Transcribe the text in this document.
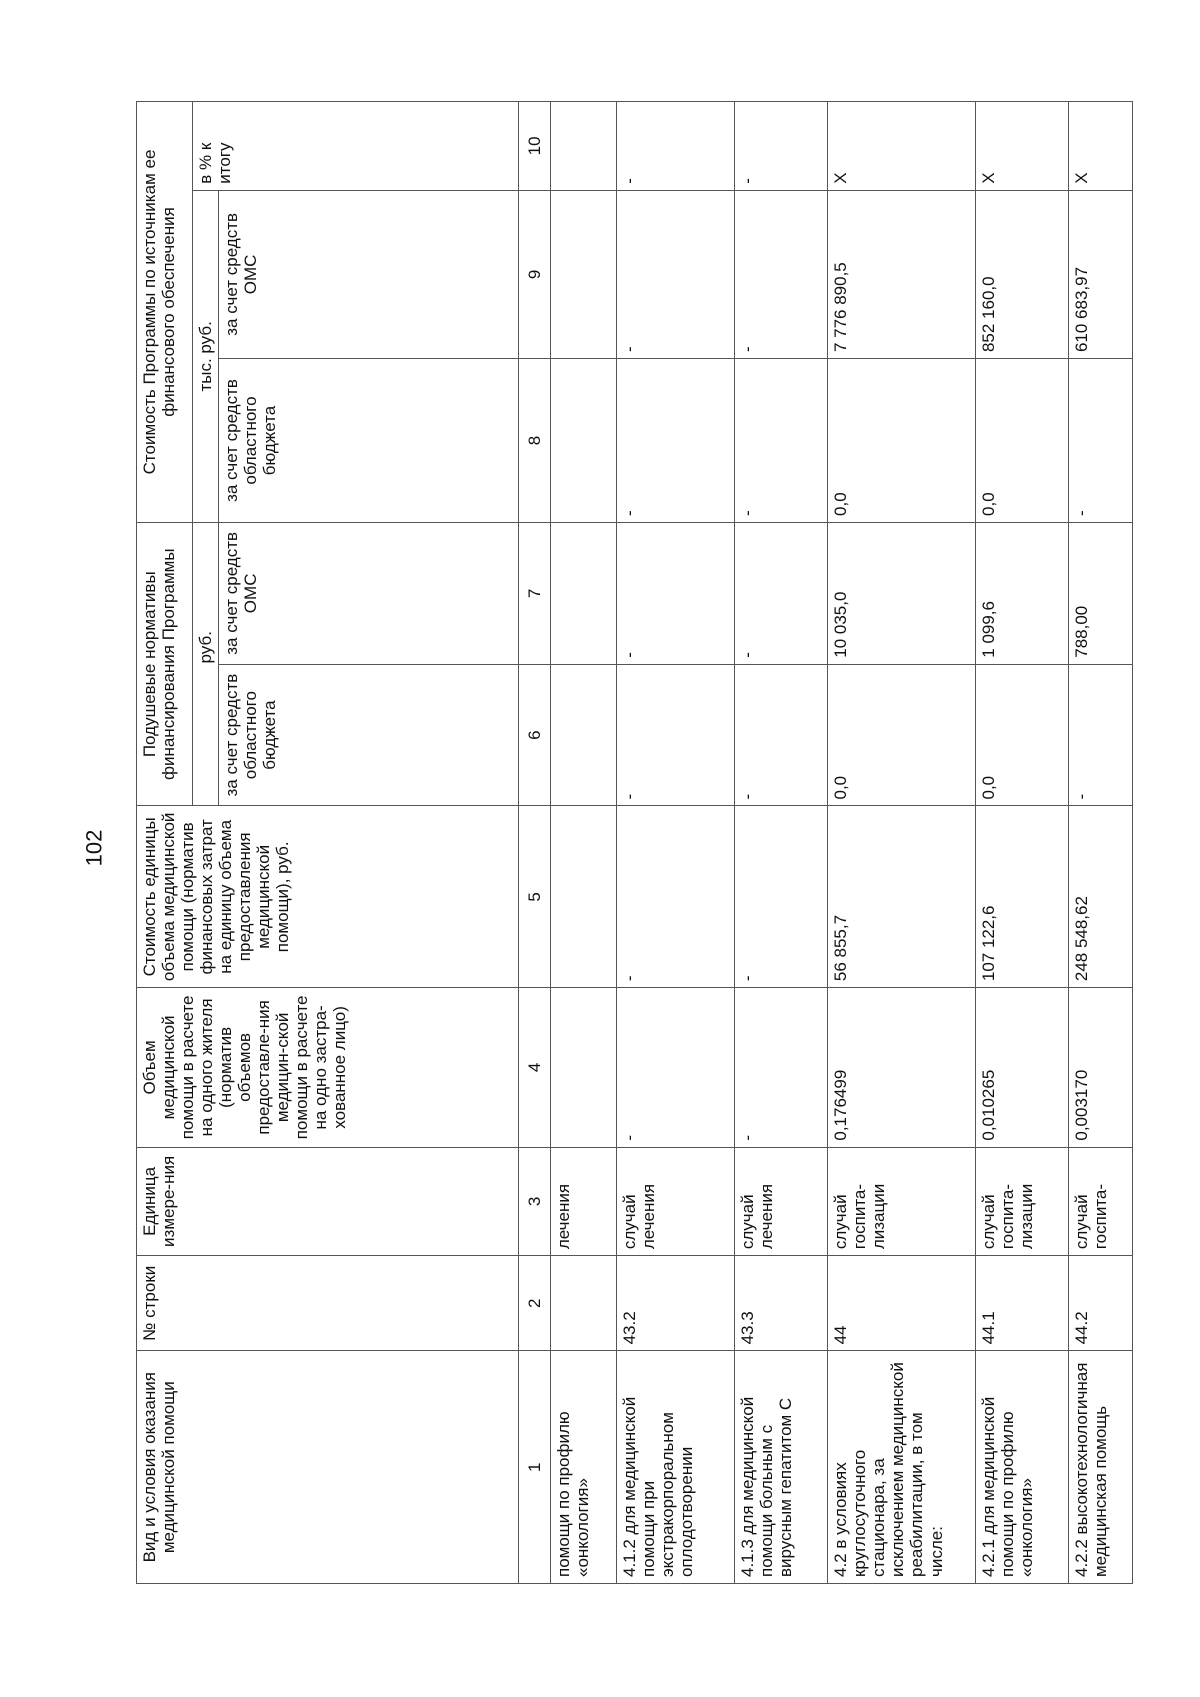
102
Вид и условия оказания медицинской помощи	№ строки	Единица измере-ния	Объем медицинской помощи в расчете на одного жителя (норматив объемов предоставле-ния медицин-ской помощи в расчете на одно застра-хованное лицо)	Стоимость единицы объема медицинской помощи (норматив финансовых затрат на единицу объема предоставления медицинской помощи), руб.	Подушевые нормативы финансирования Программы		Стоимость Программы по источникам ее финансового обеспечения		
					руб.		тыс. руб.		в % к итогу
					за счет средств областного бюджета	за счет средств ОМС	за счет средств областного бюджета	за счет средств ОМС	
1	2	3	4	5	6	7	8	9	10
помощи по профилю «онкология»		лечения							
4.1.2 для медицинской помощи при экстракорпоральном оплодотворении	43.2	случай лечения	-	-	-	-	-	-	-
4.1.3 для медицинской помощи больным с вирусным гепатитом С	43.3	случай лечения	-	-	-	-	-	-	-
4.2 в условиях круглосуточного стационара, за исключением медицинской реабилитации, в том числе:	44	случай госпита-лизации	0,176499	56 855,7	0,0	10 035,0	0,0	7 776 890,5	X
4.2.1 для медицинской помощи по профилю «онкология»	44.1	случай госпита-лизации	0,010265	107 122,6	0,0	1 099,6	0,0	852 160,0	X
4.2.2 высокотехнологичная медицинская помощь	44.2	случай госпита-	0,003170	248 548,62	-	788,00	-	610 683,97	X
